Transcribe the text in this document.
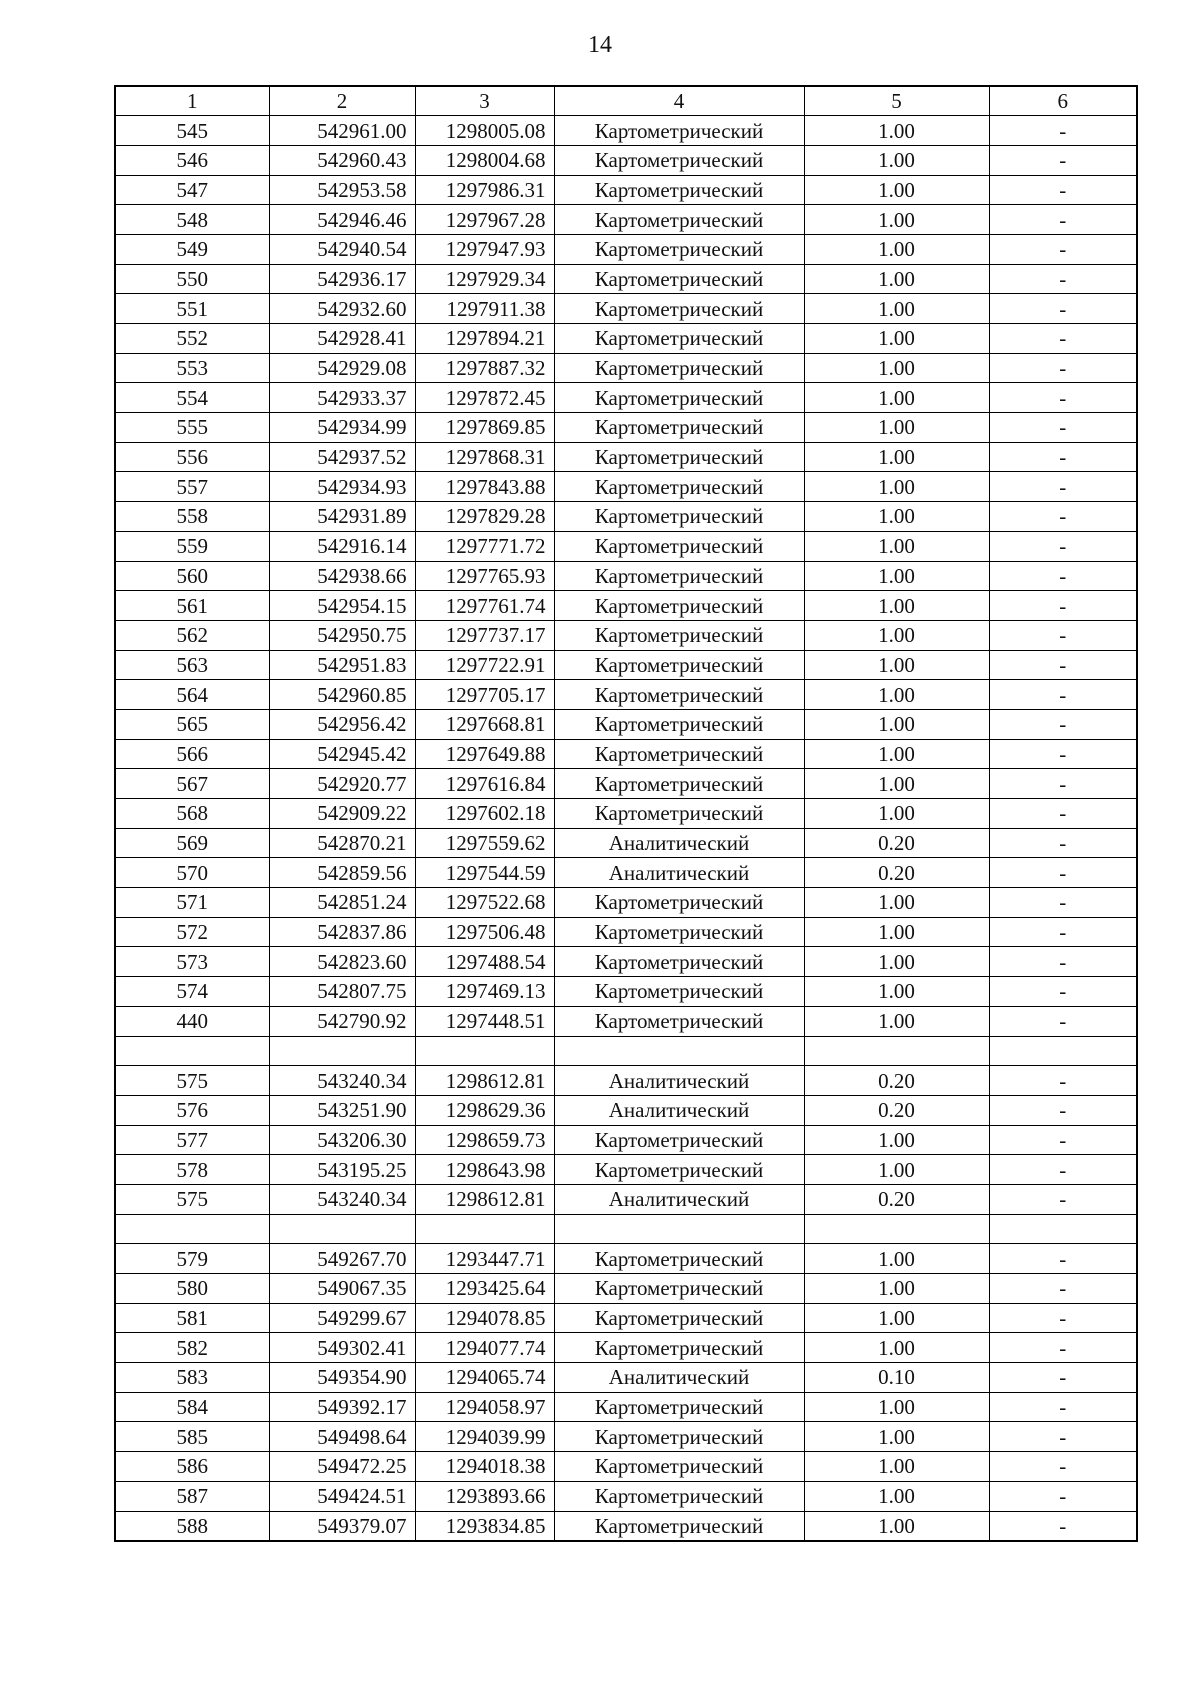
14
1	2	3	4	5	6
545	542961.00	1298005.08	Картометрический	1.00	-
546	542960.43	1298004.68	Картометрический	1.00	-
547	542953.58	1297986.31	Картометрический	1.00	-
548	542946.46	1297967.28	Картометрический	1.00	-
549	542940.54	1297947.93	Картометрический	1.00	-
550	542936.17	1297929.34	Картометрический	1.00	-
551	542932.60	1297911.38	Картометрический	1.00	-
552	542928.41	1297894.21	Картометрический	1.00	-
553	542929.08	1297887.32	Картометрический	1.00	-
554	542933.37	1297872.45	Картометрический	1.00	-
555	542934.99	1297869.85	Картометрический	1.00	-
556	542937.52	1297868.31	Картометрический	1.00	-
557	542934.93	1297843.88	Картометрический	1.00	-
558	542931.89	1297829.28	Картометрический	1.00	-
559	542916.14	1297771.72	Картометрический	1.00	-
560	542938.66	1297765.93	Картометрический	1.00	-
561	542954.15	1297761.74	Картометрический	1.00	-
562	542950.75	1297737.17	Картометрический	1.00	-
563	542951.83	1297722.91	Картометрический	1.00	-
564	542960.85	1297705.17	Картометрический	1.00	-
565	542956.42	1297668.81	Картометрический	1.00	-
566	542945.42	1297649.88	Картометрический	1.00	-
567	542920.77	1297616.84	Картометрический	1.00	-
568	542909.22	1297602.18	Картометрический	1.00	-
569	542870.21	1297559.62	Аналитический	0.20	-
570	542859.56	1297544.59	Аналитический	0.20	-
571	542851.24	1297522.68	Картометрический	1.00	-
572	542837.86	1297506.48	Картометрический	1.00	-
573	542823.60	1297488.54	Картометрический	1.00	-
574	542807.75	1297469.13	Картометрический	1.00	-
440	542790.92	1297448.51	Картометрический	1.00	-

575	543240.34	1298612.81	Аналитический	0.20	-
576	543251.90	1298629.36	Аналитический	0.20	-
577	543206.30	1298659.73	Картометрический	1.00	-
578	543195.25	1298643.98	Картометрический	1.00	-
575	543240.34	1298612.81	Аналитический	0.20	-

579	549267.70	1293447.71	Картометрический	1.00	-
580	549067.35	1293425.64	Картометрический	1.00	-
581	549299.67	1294078.85	Картометрический	1.00	-
582	549302.41	1294077.74	Картометрический	1.00	-
583	549354.90	1294065.74	Аналитический	0.10	-
584	549392.17	1294058.97	Картометрический	1.00	-
585	549498.64	1294039.99	Картометрический	1.00	-
586	549472.25	1294018.38	Картометрический	1.00	-
587	549424.51	1293893.66	Картометрический	1.00	-
588	549379.07	1293834.85	Картометрический	1.00	-
